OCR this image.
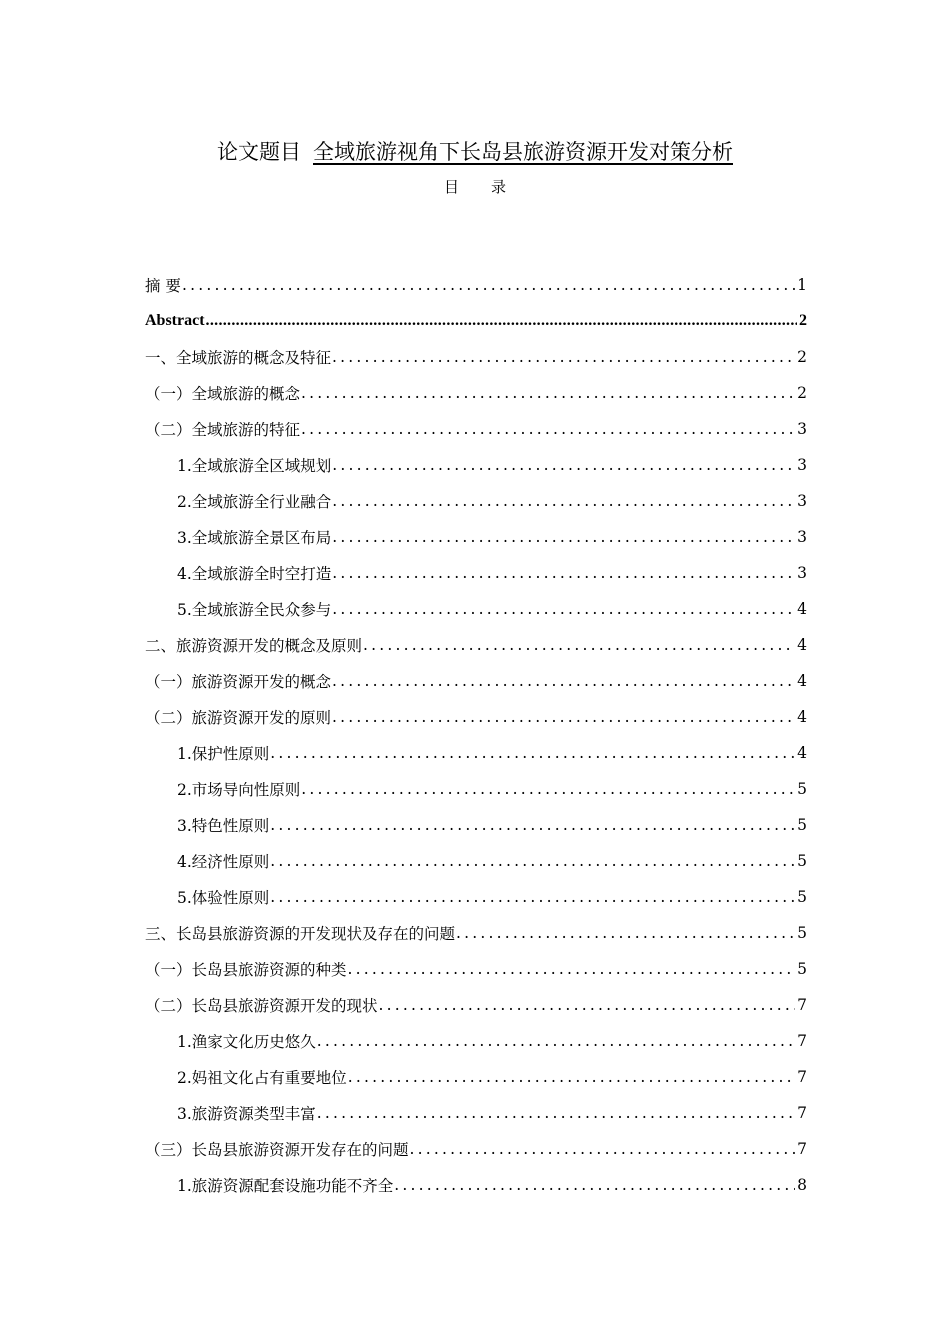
论文题目 全域旅游视角下长岛县旅游资源开发对策分析
目录
摘 要 .....	1
Abstract .....	2
一、全域旅游的概念及特征 .....	2
（一）全域旅游的概念 .....	2
（二）全域旅游的特征 .....	3
1.全域旅游全区域规划 .....	3
2.全域旅游全行业融合 .....	3
3.全域旅游全景区布局 .....	3
4.全域旅游全时空打造 .....	3
5.全域旅游全民众参与 .....	4
二、旅游资源开发的概念及原则 .....	4
（一）旅游资源开发的概念 .....	4
（二）旅游资源开发的原则 .....	4
1.保护性原则 .....	4
2.市场导向性原则 .....	5
3.特色性原则 .....	5
4.经济性原则 .....	5
5.体验性原则 .....	5
三、长岛县旅游资源的开发现状及存在的问题 .....	5
（一）长岛县旅游资源的种类 .....	5
（二）长岛县旅游资源开发的现状 .....	7
1.渔家文化历史悠久 .....	7
2.妈祖文化占有重要地位 .....	7
3.旅游资源类型丰富 .....	7
（三）长岛县旅游资源开发存在的问题 .....	7
1.旅游资源配套设施功能不齐全 .....	8
